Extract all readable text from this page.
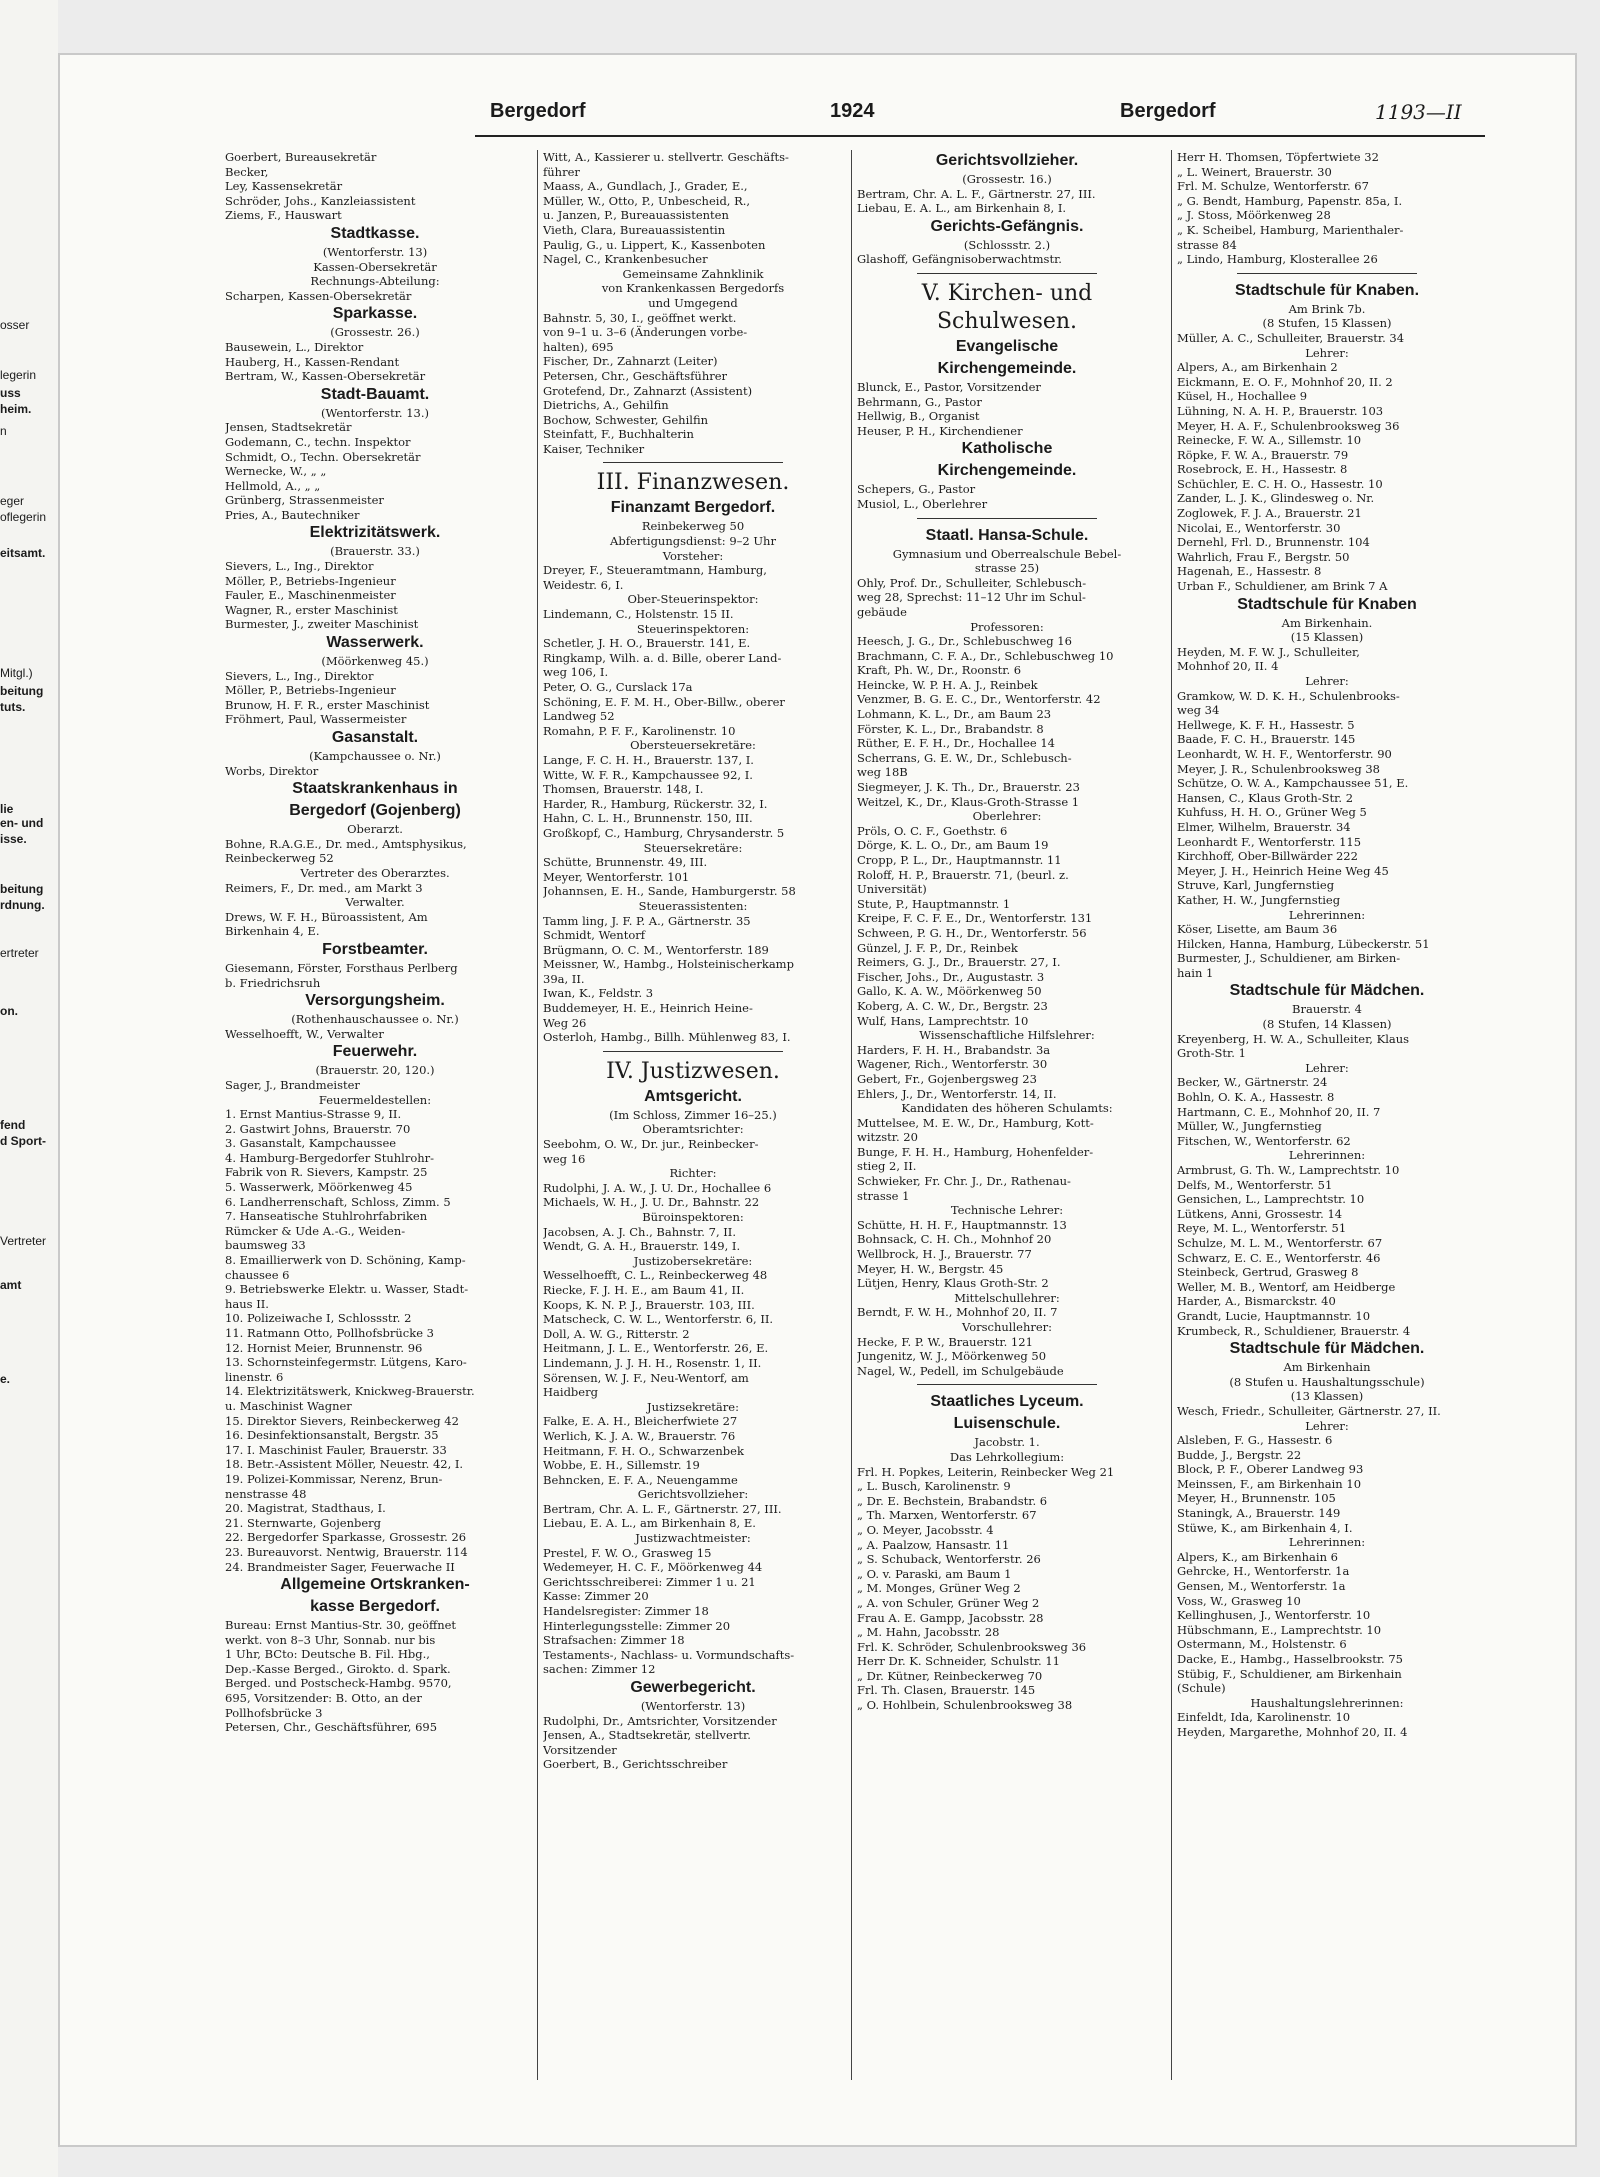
osser
legerin
uss
heim.
n
eger
oflegerin
eitsamt.
Mitgl.)
beitung
tuts.
lie
en- und
isse.
beitung
rdnung.
ertreter
on.
fend
d Sport-
Vertreter
amt
e.
Bergedorf	1924	Bergedorf	1193—II
Goerbert, Bureausekretär
Becker,
Ley, Kassensekretär
Schröder, Johs., Kanzleiassistent
Ziems, F., Hauswart
Stadtkasse.
(Wentorferstr. 13)
Kassen-Obersekretär
Rechnungs-Abteilung:
Scharpen, Kassen-Obersekretär
Sparkasse.
(Grossestr. 26.)
Bausewein, L., Direktor
Hauberg, H., Kassen-Rendant
Bertram, W., Kassen-Obersekretär
Stadt-Bauamt.
(Wentorferstr. 13.)
Jensen, Stadtsekretär
Godemann, C., techn. Inspektor
Schmidt, O., Techn. Obersekretär
Wernecke, W., „ „
Hellmold, A., „ „
Grünberg, Strassenmeister
Pries, A., Bautechniker
Elektrizitätswerk.
(Brauerstr. 33.)
Sievers, L., Ing., Direktor
Möller, P., Betriebs-Ingenieur
Fauler, E., Maschinenmeister
Wagner, R., erster Maschinist
Burmester, J., zweiter Maschinist
Wasserwerk.
(Möörkenweg 45.)
Sievers, L., Ing., Direktor
Möller, P., Betriebs-Ingenieur
Brunow, H. F. R., erster Maschinist
Fröhmert, Paul, Wassermeister
Gasanstalt.
(Kampchaussee o. Nr.)
Worbs, Direktor
Staatskrankenhaus in
Bergedorf (Gojenberg)
Oberarzt.
Bohne, R.A.G.E., Dr. med., Amtsphysikus,
Reinbeckerweg 52
Vertreter des Oberarztes.
Reimers, F., Dr. med., am Markt 3
Verwalter.
Drews, W. F. H., Büroassistent, Am
Birkenhain 4, E.
Forstbeamter.
Giesemann, Förster, Forsthaus Perlberg
b. Friedrichsruh
Versorgungsheim.
(Rothenhauschaussee o. Nr.)
Wesselhoefft, W., Verwalter
Feuerwehr.
(Brauerstr. 20, 120.)
Sager, J., Brandmeister
Feuermeldestellen:
1. Ernst Mantius-Strasse 9, II.
2. Gastwirt Johns, Brauerstr. 70
3. Gasanstalt, Kampchaussee
4. Hamburg-Bergedorfer Stuhlrohr-
Fabrik von R. Sievers, Kampstr. 25
5. Wasserwerk, Möörkenweg 45
6. Landherrenschaft, Schloss, Zimm. 5
7. Hanseatische Stuhlrohrfabriken
Rümcker & Ude A.-G., Weiden-
baumsweg 33
8. Emaillierwerk von D. Schöning, Kamp-
chaussee 6
9. Betriebswerke Elektr. u. Wasser, Stadt-
haus II.
10. Polizeiwache I, Schlossstr. 2
11. Ratmann Otto, Pollhofsbrücke 3
12. Hornist Meier, Brunnenstr. 96
13. Schornsteinfegermstr. Lütgens, Karo-
linenstr. 6
14. Elektrizitätswerk, Knickweg-Brauerstr.
u. Maschinist Wagner
15. Direktor Sievers, Reinbeckerweg 42
16. Desinfektionsanstalt, Bergstr. 35
17. I. Maschinist Fauler, Brauerstr. 33
18. Betr.-Assistent Möller, Neuestr. 42, I.
19. Polizei-Kommissar, Nerenz, Brun-
nenstrasse 48
20. Magistrat, Stadthaus, I.
21. Sternwarte, Gojenberg
22. Bergedorfer Sparkasse, Grossestr. 26
23. Bureauvorst. Nentwig, Brauerstr. 114
24. Brandmeister Sager, Feuerwache II
Allgemeine Ortskranken-
kasse Bergedorf.
Bureau: Ernst Mantius-Str. 30, geöffnet
werkt. von 8–3 Uhr, Sonnab. nur bis
1 Uhr, BCto: Deutsche B. Fil. Hbg.,
Dep.-Kasse Berged., Girokto. d. Spark.
Berged. und Postscheck-Hambg. 9570,
695, Vorsitzender: B. Otto, an der
Pollhofsbrücke 3
Petersen, Chr., Geschäftsführer, 695
Witt, A., Kassierer u. stellvertr. Geschäfts-
führer
Maass, A., Gundlach, J., Grader, E.,
Müller, W., Otto, P., Unbescheid, R.,
u. Janzen, P., Bureauassistenten
Vieth, Clara, Bureauassistentin
Paulig, G., u. Lippert, K., Kassenboten
Nagel, C., Krankenbesucher
Gemeinsame Zahnklinik
von Krankenkassen Bergedorfs
und Umgegend
Bahnstr. 5, 30, I., geöffnet werkt.
von 9–1 u. 3–6 (Änderungen vorbe-
halten), 695
Fischer, Dr., Zahnarzt (Leiter)
Petersen, Chr., Geschäftsführer
Grotefend, Dr., Zahnarzt (Assistent)
Dietrichs, A., Gehilfin
Bochow, Schwester, Gehilfin
Steinfatt, F., Buchhalterin
Kaiser, Techniker
III. Finanzwesen.
Finanzamt Bergedorf.
Reinbekerweg 50
Abfertigungsdienst: 9–2 Uhr
Vorsteher:
Dreyer, F., Steueramtmann, Hamburg,
Weidestr. 6, I.
Ober-Steuerinspektor:
Lindemann, C., Holstenstr. 15 II.
Steuerinspektoren:
Schetler, J. H. O., Brauerstr. 141, E.
Ringkamp, Wilh. a. d. Bille, oberer Land-
weg 106, I.
Peter, O. G., Curslack 17a
Schöning, E. F. M. H., Ober-Billw., oberer
Landweg 52
Romahn, P. F. F., Karolinenstr. 10
Obersteuersekretäre:
Lange, F. C. H. H., Brauerstr. 137, I.
Witte, W. F. R., Kampchaussee 92, I.
Thomsen, Brauerstr. 148, I.
Harder, R., Hamburg, Rückerstr. 32, I.
Hahn, C. L. H., Brunnenstr. 150, III.
Großkopf, C., Hamburg, Chrysanderstr. 5
Steuersekretäre:
Schütte, Brunnenstr. 49, III.
Meyer, Wentorferstr. 101
Johannsen, E. H., Sande, Hamburgerstr. 58
Steuerassistenten:
Tamm ling, J. F. P. A., Gärtnerstr. 35
Schmidt, Wentorf
Brügmann, O. C. M., Wentorferstr. 189
Meissner, W., Hambg., Holsteinischerkamp
39a, II.
Iwan, K., Feldstr. 3
Buddemeyer, H. E., Heinrich Heine-
Weg 26
Osterloh, Hambg., Billh. Mühlenweg 83, I.
IV. Justizwesen.
Amtsgericht.
(Im Schloss, Zimmer 16–25.)
Oberamtsrichter:
Seebohm, O. W., Dr. jur., Reinbecker-
weg 16
Richter:
Rudolphi, J. A. W., J. U. Dr., Hochallee 6
Michaels, W. H., J. U. Dr., Bahnstr. 22
Büroinspektoren:
Jacobsen, A. J. Ch., Bahnstr. 7, II.
Wendt, G. A. H., Brauerstr. 149, I.
Justizobersekretäre:
Wesselhoefft, C. L., Reinbeckerweg 48
Riecke, F. J. H. E., am Baum 41, II.
Koops, K. N. P. J., Brauerstr. 103, III.
Matscheck, C. W. L., Wentorferstr. 6, II.
Doll, A. W. G., Ritterstr. 2
Heitmann, J. L. E., Wentorferstr. 26, E.
Lindemann, J. J. H. H., Rosenstr. 1, II.
Sörensen, W. J. F., Neu-Wentorf, am
Haidberg
Justizsekretäre:
Falke, E. A. H., Bleicherfwiete 27
Werlich, K. J. A. W., Brauerstr. 76
Heitmann, F. H. O., Schwarzenbek
Wobbe, E. H., Sillemstr. 19
Behncken, E. F. A., Neuengamme
Gerichtsvollzieher:
Bertram, Chr. A. L. F., Gärtnerstr. 27, III.
Liebau, E. A. L., am Birkenhain 8, E.
Justizwachtmeister:
Prestel, F. W. O., Grasweg 15
Wedemeyer, H. C. F., Möörkenweg 44
Gerichtsschreiberei: Zimmer 1 u. 21
Kasse: Zimmer 20
Handelsregister: Zimmer 18
Hinterlegungsstelle: Zimmer 20
Strafsachen: Zimmer 18
Testaments-, Nachlass- u. Vormundschafts-
sachen: Zimmer 12
Gewerbegericht.
(Wentorferstr. 13)
Rudolphi, Dr., Amtsrichter, Vorsitzender
Jensen, A., Stadtsekretär, stellvertr.
Vorsitzender
Goerbert, B., Gerichtsschreiber
Gerichtsvollzieher.
(Grossestr. 16.)
Bertram, Chr. A. L. F., Gärtnerstr. 27, III.
Liebau, E. A. L., am Birkenhain 8, I.
Gerichts-Gefängnis.
(Schlossstr. 2.)
Glashoff, Gefängnisoberwachtmstr.
V. Kirchen- und
Schulwesen.
Evangelische
Kirchengemeinde.
Blunck, E., Pastor, Vorsitzender
Behrmann, G., Pastor
Hellwig, B., Organist
Heuser, P. H., Kirchendiener
Katholische
Kirchengemeinde.
Schepers, G., Pastor
Musiol, L., Oberlehrer
Staatl. Hansa-Schule.
Gymnasium und Oberrealschule Bebel-
strasse 25)
Ohly, Prof. Dr., Schulleiter, Schlebusch-
weg 28, Sprechst: 11–12 Uhr im Schul-
gebäude
Professoren:
Heesch, J. G., Dr., Schlebuschweg 16
Brachmann, C. F. A., Dr., Schlebuschweg 10
Kraft, Ph. W., Dr., Roonstr. 6
Heincke, W. P. H. A. J., Reinbek
Venzmer, B. G. E. C., Dr., Wentorferstr. 42
Lohmann, K. L., Dr., am Baum 23
Förster, K. L., Dr., Brabandstr. 8
Rüther, E. F. H., Dr., Hochallee 14
Scherrans, G. E. W., Dr., Schlebusch-
weg 18B
Siegmeyer, J. K. Th., Dr., Brauerstr. 23
Weitzel, K., Dr., Klaus-Groth-Strasse 1
Oberlehrer:
Pröls, O. C. F., Goethstr. 6
Dörge, K. L. O., Dr., am Baum 19
Cropp, P. L., Dr., Hauptmannstr. 11
Roloff, H. P., Brauerstr. 71, (beurl. z.
Universität)
Stute, P., Hauptmannstr. 1
Kreipe, F. C. F. E., Dr., Wentorferstr. 131
Schween, P. G. H., Dr., Wentorferstr. 56
Günzel, J. F. P., Dr., Reinbek
Reimers, G. J., Dr., Brauerstr. 27, I.
Fischer, Johs., Dr., Augustastr. 3
Gallo, K. A. W., Möörkenweg 50
Koberg, A. C. W., Dr., Bergstr. 23
Wulf, Hans, Lamprechtstr. 10
Wissenschaftliche Hilfslehrer:
Harders, F. H. H., Brabandstr. 3a
Wagener, Rich., Wentorferstr. 30
Gebert, Fr., Gojenbergsweg 23
Ehlers, J., Dr., Wentorferstr. 14, II.
Kandidaten des höheren Schulamts:
Muttelsee, M. E. W., Dr., Hamburg, Kott-
witzstr. 20
Bunge, F. H. H., Hamburg, Hohenfelder-
stieg 2, II.
Schwieker, Fr. Chr. J., Dr., Rathenau-
strasse 1
Technische Lehrer:
Schütte, H. H. F., Hauptmannstr. 13
Bohnsack, C. H. Ch., Mohnhof 20
Wellbrock, H. J., Brauerstr. 77
Meyer, H. W., Bergstr. 45
Lütjen, Henry, Klaus Groth-Str. 2
Mittelschullehrer:
Berndt, F. W. H., Mohnhof 20, II. 7
Vorschullehrer:
Hecke, F. P. W., Brauerstr. 121
Jungenitz, W. J., Möörkenweg 50
Nagel, W., Pedell, im Schulgebäude
Staatliches Lyceum.
Luisenschule.
Jacobstr. 1.
Das Lehrkollegium:
Frl. H. Popkes, Leiterin, Reinbecker Weg 21
„ L. Busch, Karolinenstr. 9
„ Dr. E. Bechstein, Brabandstr. 6
„ Th. Marxen, Wentorferstr. 67
„ O. Meyer, Jacobsstr. 4
„ A. Paalzow, Hansastr. 11
„ S. Schuback, Wentorferstr. 26
„ O. v. Paraski, am Baum 1
„ M. Monges, Grüner Weg 2
„ A. von Schuler, Grüner Weg 2
Frau A. E. Gampp, Jacobsstr. 28
„ M. Hahn, Jacobsstr. 28
Frl. K. Schröder, Schulenbrooksweg 36
Herr Dr. K. Schneider, Schulstr. 11
„ Dr. Kütner, Reinbeckerweg 70
Frl. Th. Clasen, Brauerstr. 145
„ O. Hohlbein, Schulenbrooksweg 38
Herr H. Thomsen, Töpfertwiete 32
„ L. Weinert, Brauerstr. 30
Frl. M. Schulze, Wentorferstr. 67
„ G. Bendt, Hamburg, Papenstr. 85a, I.
„ J. Stoss, Möörkenweg 28
„ K. Scheibel, Hamburg, Marienthaler-
strasse 84
„ Lindo, Hamburg, Klosterallee 26
Stadtschule für Knaben.
Am Brink 7b.
(8 Stufen, 15 Klassen)
Müller, A. C., Schulleiter, Brauerstr. 34
Lehrer:
Alpers, A., am Birkenhain 2
Eickmann, E. O. F., Mohnhof 20, II. 2
Küsel, H., Hochallee 9
Lühning, N. A. H. P., Brauerstr. 103
Meyer, H. A. F., Schulenbrooksweg 36
Reinecke, F. W. A., Sillemstr. 10
Röpke, F. W. A., Brauerstr. 79
Rosebrock, E. H., Hassestr. 8
Schüchler, E. C. H. O., Hassestr. 10
Zander, L. J. K., Glindesweg o. Nr.
Zoglowek, F. J. A., Brauerstr. 21
Nicolai, E., Wentorferstr. 30
Dernehl, Frl. D., Brunnenstr. 104
Wahrlich, Frau F., Bergstr. 50
Hagenah, E., Hassestr. 8
Urban F., Schuldiener, am Brink 7 A
Stadtschule für Knaben
Am Birkenhain.
(15 Klassen)
Heyden, M. F. W. J., Schulleiter,
Mohnhof 20, II. 4
Lehrer:
Gramkow, W. D. K. H., Schulenbrooks-
weg 34
Hellwege, K. F. H., Hassestr. 5
Baade, F. C. H., Brauerstr. 145
Leonhardt, W. H. F., Wentorferstr. 90
Meyer, J. R., Schulenbrooksweg 38
Schütze, O. W. A., Kampchaussee 51, E.
Hansen, C., Klaus Groth-Str. 2
Kuhfuss, H. H. O., Grüner Weg 5
Elmer, Wilhelm, Brauerstr. 34
Leonhardt F., Wentorferstr. 115
Kirchhoff, Ober-Billwärder 222
Meyer, J. H., Heinrich Heine Weg 45
Struve, Karl, Jungfernstieg
Kather, H. W., Jungfernstieg
Lehrerinnen:
Köser, Lisette, am Baum 36
Hilcken, Hanna, Hamburg, Lübeckerstr. 51
Burmester, J., Schuldiener, am Birken-
hain 1
Stadtschule für Mädchen.
Brauerstr. 4
(8 Stufen, 14 Klassen)
Kreyenberg, H. W. A., Schulleiter, Klaus
Groth-Str. 1
Lehrer:
Becker, W., Gärtnerstr. 24
Bohln, O. K. A., Hassestr. 8
Hartmann, C. E., Mohnhof 20, II. 7
Müller, W., Jungfernstieg
Fitschen, W., Wentorferstr. 62
Lehrerinnen:
Armbrust, G. Th. W., Lamprechtstr. 10
Delfs, M., Wentorferstr. 51
Gensichen, L., Lamprechtstr. 10
Lütkens, Anni, Grossestr. 14
Reye, M. L., Wentorferstr. 51
Schulze, M. L. M., Wentorferstr. 67
Schwarz, E. C. E., Wentorferstr. 46
Steinbeck, Gertrud, Grasweg 8
Weller, M. B., Wentorf, am Heidberge
Harder, A., Bismarckstr. 40
Grandt, Lucie, Hauptmannstr. 10
Krumbeck, R., Schuldiener, Brauerstr. 4
Stadtschule für Mädchen.
Am Birkenhain
(8 Stufen u. Haushaltungsschule)
(13 Klassen)
Wesch, Friedr., Schulleiter, Gärtnerstr. 27, II.
Lehrer:
Alsleben, F. G., Hassestr. 6
Budde, J., Bergstr. 22
Block, P. F., Oberer Landweg 93
Meinssen, F., am Birkenhain 10
Meyer, H., Brunnenstr. 105
Staningk, A., Brauerstr. 149
Stüwe, K., am Birkenhain 4, I.
Lehrerinnen:
Alpers, K., am Birkenhain 6
Gehrcke, H., Wentorferstr. 1a
Gensen, M., Wentorferstr. 1a
Voss, W., Grasweg 10
Kellinghusen, J., Wentorferstr. 10
Hübschmann, E., Lamprechtstr. 10
Ostermann, M., Holstenstr. 6
Dacke, E., Hambg., Hasselbrookstr. 75
Stübig, F., Schuldiener, am Birkenhain
(Schule)
Haushaltungslehrerinnen:
Einfeldt, Ida, Karolinenstr. 10
Heyden, Margarethe, Mohnhof 20, II. 4
